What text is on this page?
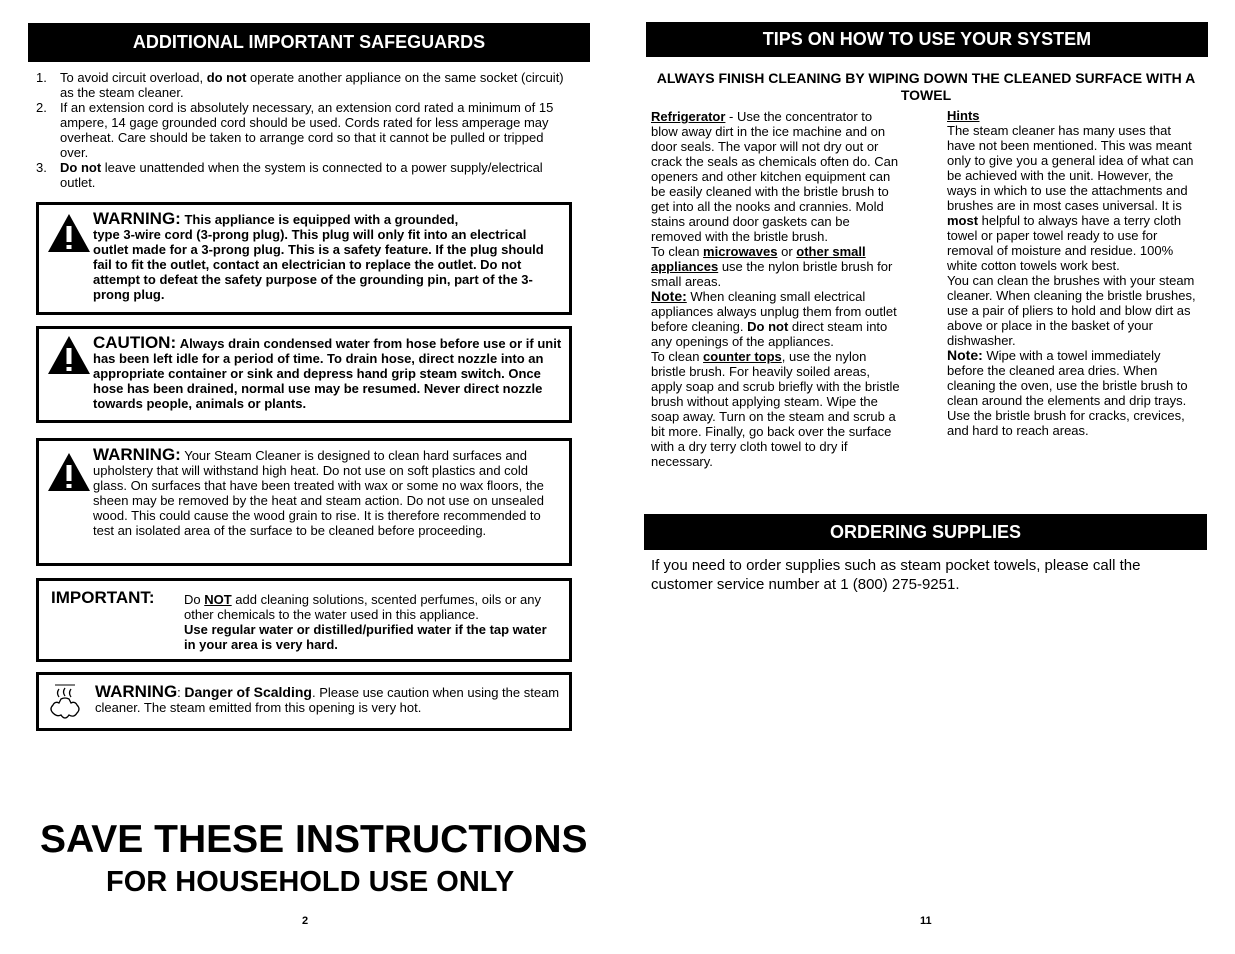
ADDITIONAL IMPORTANT SAFEGUARDS
1.	To avoid circuit overload, do not operate another appliance on the same socket (circuit) as the steam cleaner.
2.	If an extension cord is absolutely necessary, an extension cord rated a minimum of 15 ampere, 14 gage grounded cord should be used. Cords rated for less amperage may overheat. Care should be taken to arrange cord so that it cannot be pulled or tripped over.
3.	Do not leave unattended when the system is connected to a power supply/electrical outlet.
WARNING: This appliance is equipped with a grounded,
type 3-wire cord (3-prong plug). This plug will only fit into an electrical outlet made for a 3-prong plug. This is a safety feature. If the plug should fail to fit the outlet, contact an electrician to replace the outlet. Do not attempt to defeat the safety purpose of the grounding pin, part of the 3-prong plug.
CAUTION: Always drain condensed water from hose before use or if unit has been left idle for a period of time. To drain hose, direct nozzle into an appropriate container or sink and depress hand grip steam switch. Once hose has been drained, normal use may be resumed. Never direct nozzle towards people, animals or plants.
WARNING: Your Steam Cleaner is designed to clean hard surfaces and upholstery that will withstand high heat. Do not use on soft plastics and cold glass. On surfaces that have been treated with wax or some no wax floors, the sheen may be removed by the heat and steam action. Do not use on unsealed wood. This could cause the wood grain to rise. It is therefore recommended to test an isolated area of the surface to be cleaned before proceeding.
IMPORTANT: Do NOT add cleaning solutions, scented perfumes, oils or any other chemicals to the water used in this appliance.
Use regular water or distilled/purified water if the tap water in your area is very hard.
WARNING: Danger of Scalding. Please use caution when using the steam cleaner. The steam emitted from this opening is very hot.
SAVE THESE INSTRUCTIONS
FOR HOUSEHOLD USE ONLY
2
TIPS ON HOW TO USE YOUR SYSTEM
ALWAYS FINISH CLEANING BY WIPING DOWN THE CLEANED SURFACE WITH A TOWEL

Refrigerator - Use the concentrator to blow away dirt in the ice machine and on door seals. The vapor will not dry out or crack the seals as chemicals often do. Can openers and other kitchen equipment can be easily cleaned with the bristle brush to get into all the nooks and crannies. Mold stains around door gaskets can be removed with the bristle brush.

To clean microwaves or other small appliances use the nylon bristle brush for small areas.

Note: When cleaning small electrical appliances always unplug them from outlet before cleaning. Do not direct steam into any openings of the appliances.

To clean counter tops, use the nylon bristle brush. For heavily soiled areas, apply soap and scrub briefly with the bristle brush without applying steam. Wipe the soap away. Turn on the steam and scrub a bit more. Finally, go back over the surface with a dry terry cloth towel to dry if necessary.

Hints

The steam cleaner has many uses that have not been mentioned. This was meant only to give you a general idea of what can be achieved with the unit. However, the ways in which to use the attachments and brushes are in most cases universal. It is most helpful to always have a terry cloth towel or paper towel ready to use for removal of moisture and residue. 100% white cotton towels work best.

You can clean the brushes with your steam cleaner. When cleaning the bristle brushes, use a pair of pliers to hold and blow dirt as above or place in the basket of your dishwasher.

Note: Wipe with a towel immediately before the cleaned area dries. When cleaning the oven, use the bristle brush to clean around the elements and drip trays. Use the bristle brush for cracks, crevices, and hard to reach areas.

ORDERING SUPPLIES
If you need to order supplies such as steam pocket towels, please call the customer service number at 1 (800) 275-9251.
11
